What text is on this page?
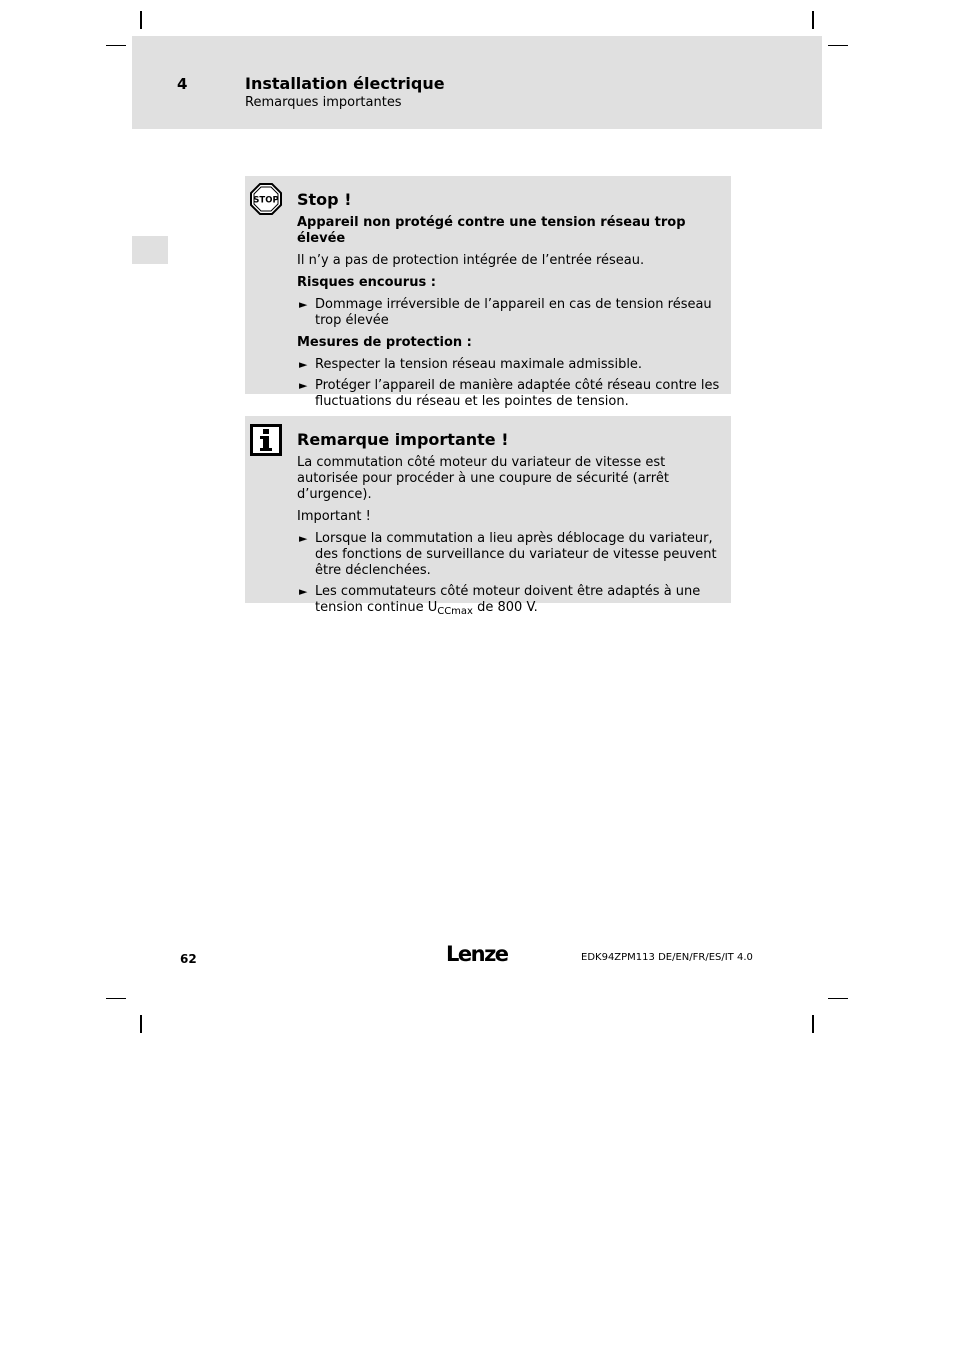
4	Installation électrique
Remarques importantes
STOP Stop !

Appareil non protégé contre une tension réseau trop élevée

Il n’y a pas de protection intégrée de l’entrée réseau.

Risques encourus :

► Dommage irréversible de l’appareil en cas de tension réseau trop élevée

Mesures de protection :

► Respecter la tension réseau maximale admissible.
► Protéger l’appareil de manière adaptée côté réseau contre les fluctuations du réseau et les pointes de tension.
Remarque importante !

La commutation côté moteur du variateur de vitesse est autorisée pour procéder à une coupure de sécurité (arrêt d’urgence).

Important !

► Lorsque la commutation a lieu après déblocage du variateur, des fonctions de surveillance du variateur de vitesse peuvent être déclenchées.
► Les commutateurs côté moteur doivent être adaptés à une tension continue $U_{CCmax}$ de 800 V.
62	Lenze	EDK94ZPM113 DE/EN/FR/ES/IT 4.0
